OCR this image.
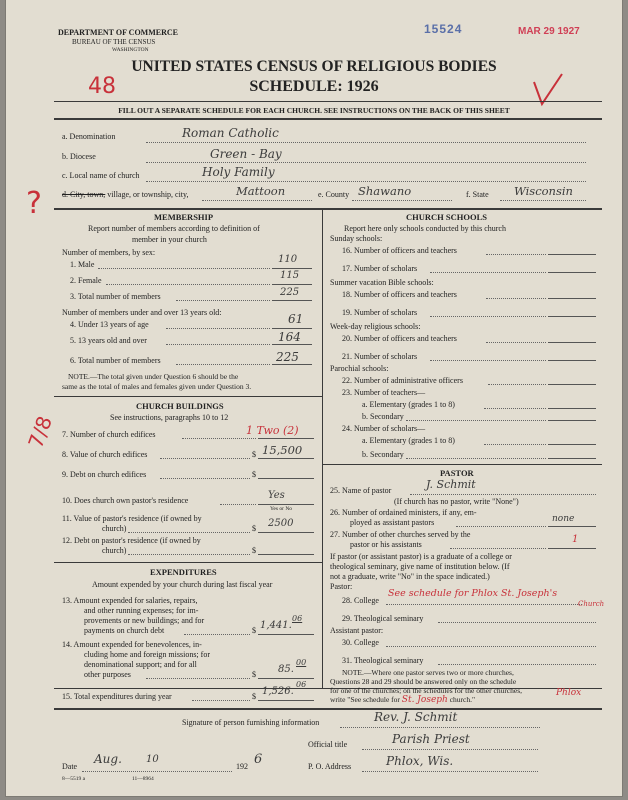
DEPARTMENT OF COMMERCE
BUREAU OF THE CENSUS
WASHINGTON
15524	MAR 29 1927
UNITED STATES CENSUS OF RELIGIOUS BODIES
SCHEDULE: 1926
48
FILL OUT A SEPARATE SCHEDULE FOR EACH CHURCH. SEE INSTRUCTIONS ON THE BACK OF THIS SHEET
a. Denomination	Roman Catholic
b. Diocese	Green - Bay
c. Local name of church	Holy Family
d. City, town, village, or township, city,	Mattoon	e. County Shawano	f. State Wisconsin
?
7/8
MEMBERSHIP
Report number of members according to definition of
member in your church
Number of members, by sex:
1. Male	110
2. Female	115
3. Total number of members	225
Number of members under and over 13 years old:
4. Under 13 years of age	61
5. 13 years old and over	164
6. Total number of members	225
NOTE.—The total given under Question 6 should be the
same as the total of males and females given under Question 3.
CHURCH BUILDINGS
See instructions, paragraphs 10 to 12
7. Number of church edifices	1 Two (2)
8. Value of church edifices	$ 15,500
9. Debt on church edifices	$
10. Does church own pastor's residence	Yes
Yes or No
11. Value of pastor's residence (if owned by
church)	$ 2500
12. Debt on pastor's residence (if owned by
church)	$
EXPENDITURES
Amount expended by your church during last fiscal year
13. Amount expended for salaries, repairs,
and other running expenses; for im-
provements or new buildings; and for
payments on church debt	$ 1,441.
06
14. Amount expended for benevolences, in-
cluding home and foreign missions; for
denominational support; and for all
other purposes	$ 85.
00
15. Total expenditures during year	$ 1,526.
06
CHURCH SCHOOLS
Report here only schools conducted by this church
Sunday schools:
16. Number of officers and teachers
17. Number of scholars
Summer vacation Bible schools:
18. Number of officers and teachers
19. Number of scholars
Week-day religious schools:
20. Number of officers and teachers
21. Number of scholars
Parochial schools:
22. Number of administrative officers
23. Number of teachers—
a. Elementary (grades 1 to 8)
b. Secondary
24. Number of scholars—
a. Elementary (grades 1 to 8)
b. Secondary
PASTOR
25. Name of pastor	J. Schmit
(If church has no pastor, write "None")
26. Number of ordained ministers, if any, em-
ployed as assistant pastors	none
27. Number of other churches served by the
pastor or his assistants	1
If pastor (or assistant pastor) is a graduate of a college or
theological seminary, give name of institution below. (If
not a graduate, write "No" in the space indicated.)
Pastor:
28. College
See schedule for Phlox St. Joseph's
Church
29. Theological seminary
Assistant pastor:
30. College
31. Theological seminary
NOTE.—Where one pastor serves two or more churches,
Questions 28 and 29 should be answered only on the schedule
for one of the churches; on the schedules for the other churches,
write "See schedule for St. Joseph church."
Phlox
Signature of person furnishing information	Rev. J. Schmit
Official title	Parish Priest
Date
Aug. 10
192 6	P. O. Address	Phlox, Wis.
8—5519 a	11—8964
